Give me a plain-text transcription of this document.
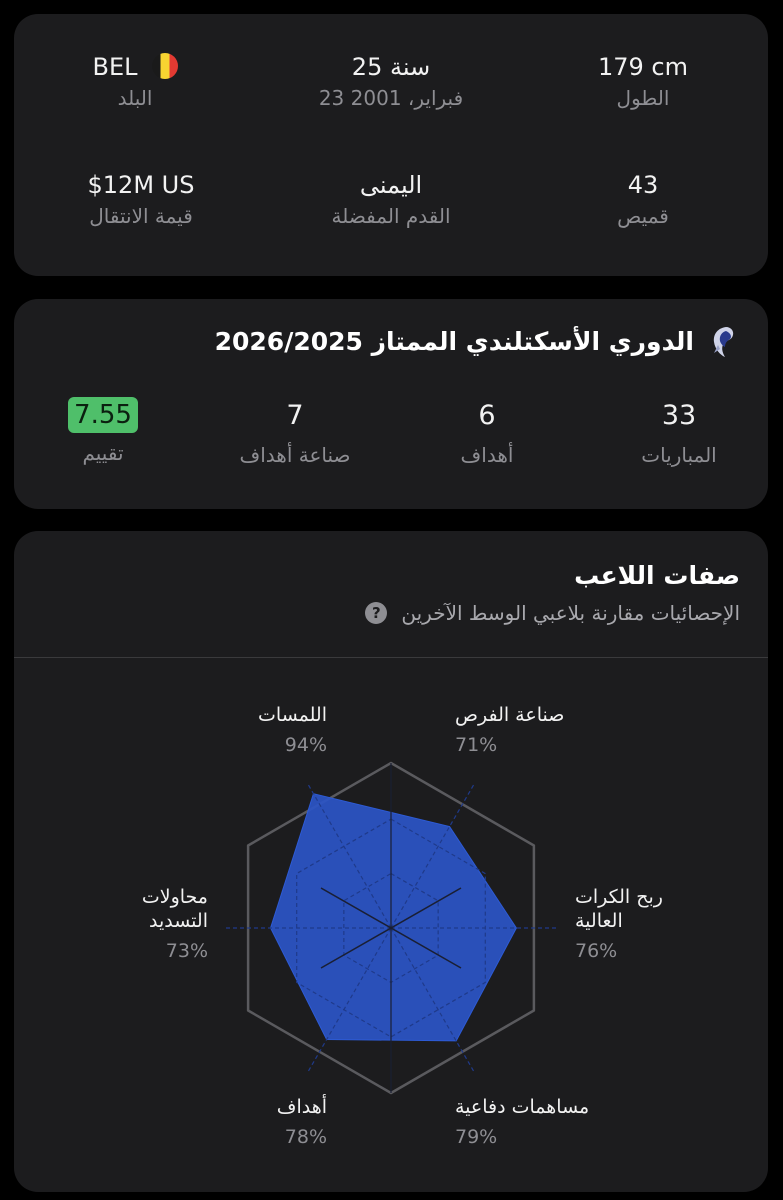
BEL
البلد
25 سنة
23 فبراير، 2001
179 cm
الطول
$12M US
قيمة الانتقال
اليمنى
القدم المفضلة
43
قميص
الدوري الأسكتلندي الممتاز 2026/2025
33
المباريات
6
أهداف
7
صناعة أهداف
7.55
تقييم
صفات اللاعب
الإحصائيات مقارنة بلاعبي الوسط الآخرين
?
اللمسات
94%
صناعة الفرص
71%
ربح الكرات
العالية
76%
مساهمات دفاعية
79%
أهداف
78%
محاولات
التسديد
73%
